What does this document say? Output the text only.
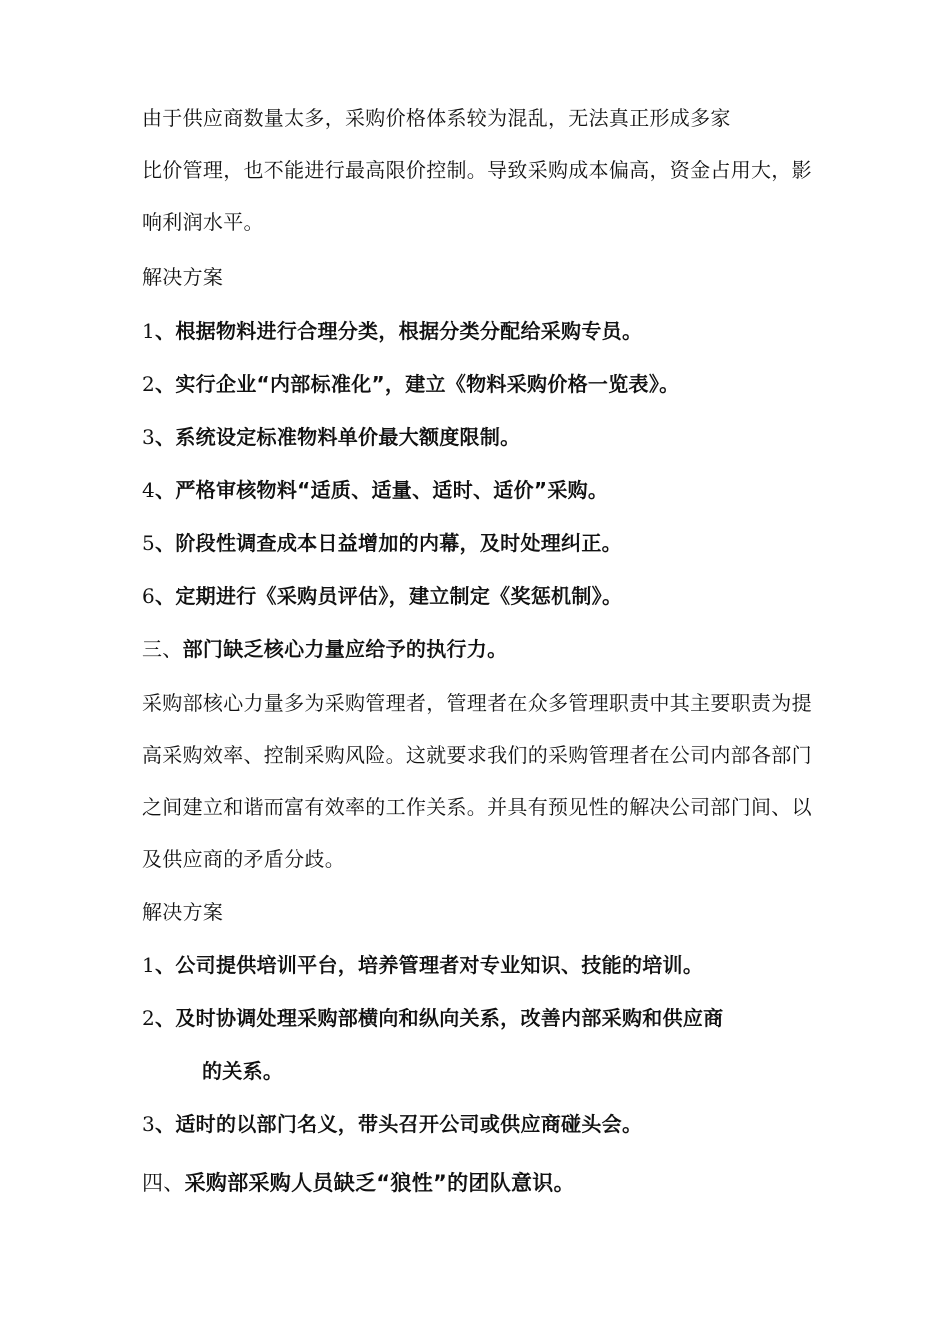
由于供应商数量太多，采购价格体系较为混乱，无法真正形成多家
比价管理，也不能进行最高限价控制。导致采购成本偏高，资金占用大，影
响利润水平。
解决方案
1、根据物料进行合理分类，根据分类分配给采购专员。
2、实行企业“内部标准化”，建立《物料采购价格一览表》。
3、系统设定标准物料单价最大额度限制。
4、严格审核物料“适质、适量、适时、适价”采购。
5、阶段性调查成本日益增加的内幕，及时处理纠正。
6、定期进行《采购员评估》，建立制定《奖惩机制》。
三、部门缺乏核心力量应给予的执行力。
采购部核心力量多为采购管理者，管理者在众多管理职责中其主要职责为提
高采购效率、控制采购风险。这就要求我们的采购管理者在公司内部各部门
之间建立和谐而富有效率的工作关系。并具有预见性的解决公司部门间、以
及供应商的矛盾分歧。
解决方案
1、公司提供培训平台，培养管理者对专业知识、技能的培训。
2、及时协调处理采购部横向和纵向关系，改善内部采购和供应商
的关系。
3、适时的以部门名义，带头召开公司或供应商碰头会。
四、采购部采购人员缺乏“狼性”的团队意识。
